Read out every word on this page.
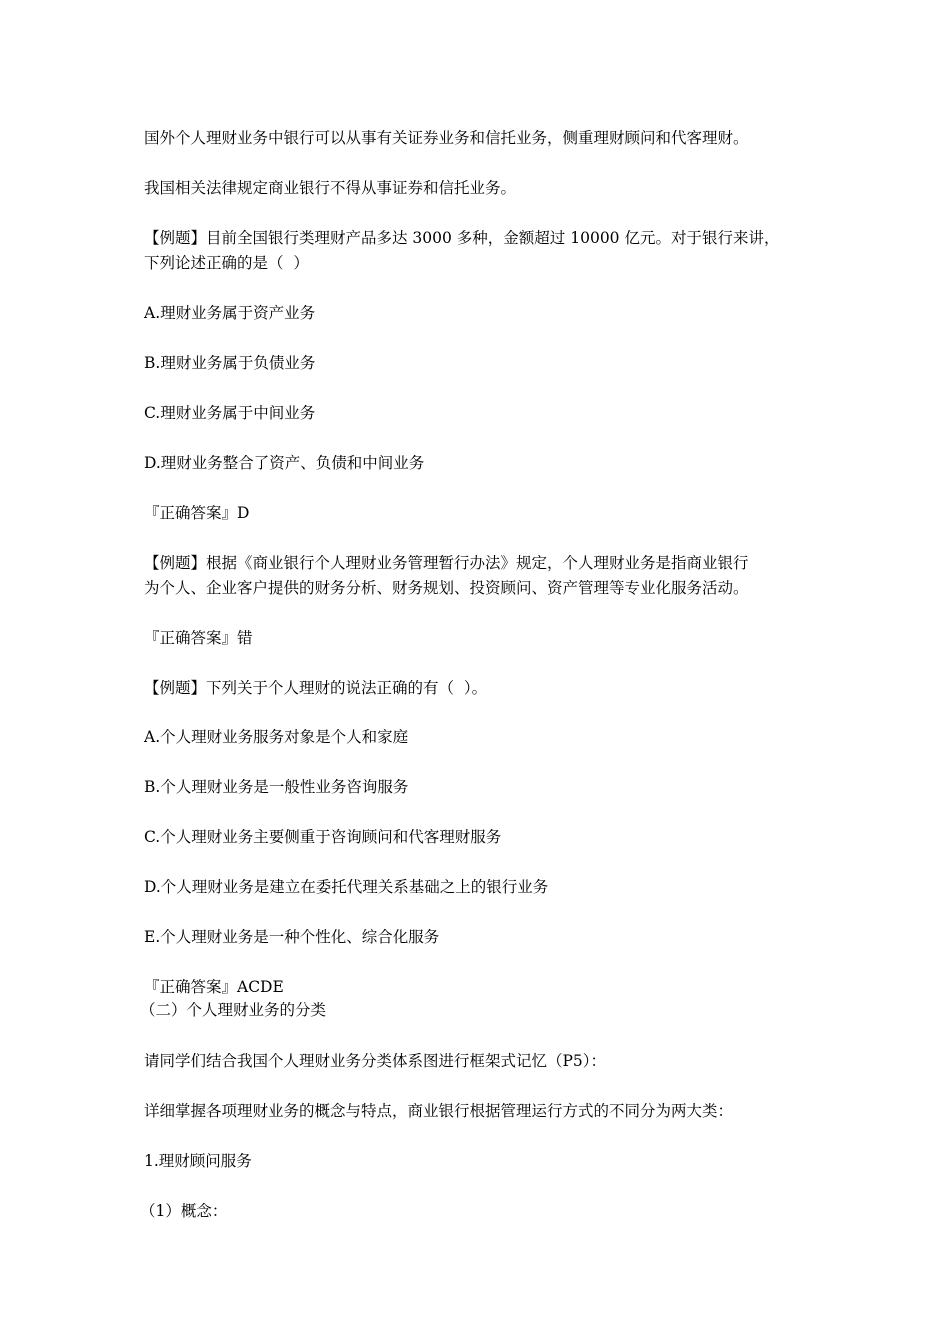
国外个人理财业务中银行可以从事有关证券业务和信托业务，侧重理财顾问和代客理财。

我国相关法律规定商业银行不得从事证券和信托业务。

【例题】目前全国银行类理财产品多达 3000 多种，金额超过 10000 亿元。对于银行来讲，

下列论述正确的是（  ）

A.理财业务属于资产业务

B.理财业务属于负债业务

C.理财业务属于中间业务

D.理财业务整合了资产、负债和中间业务

『正确答案』D

【例题】根据《商业银行个人理财业务管理暂行办法》规定，个人理财业务是指商业银行

为个人、企业客户提供的财务分析、财务规划、投资顾问、资产管理等专业化服务活动。

『正确答案』错

【例题】下列关于个人理财的说法正确的有（  ）。

A.个人理财业务服务对象是个人和家庭

B.个人理财业务是一般性业务咨询服务

C.个人理财业务主要侧重于咨询顾问和代客理财服务

D.个人理财业务是建立在委托代理关系基础之上的银行业务

E.个人理财业务是一种个性化、综合化服务

『正确答案』ACDE

（二）个人理财业务的分类

请同学们结合我国个人理财业务分类体系图进行框架式记忆（P5）：

详细掌握各项理财业务的概念与特点，商业银行根据管理运行方式的不同分为两大类：

1.理财顾问服务

（1）概念：
